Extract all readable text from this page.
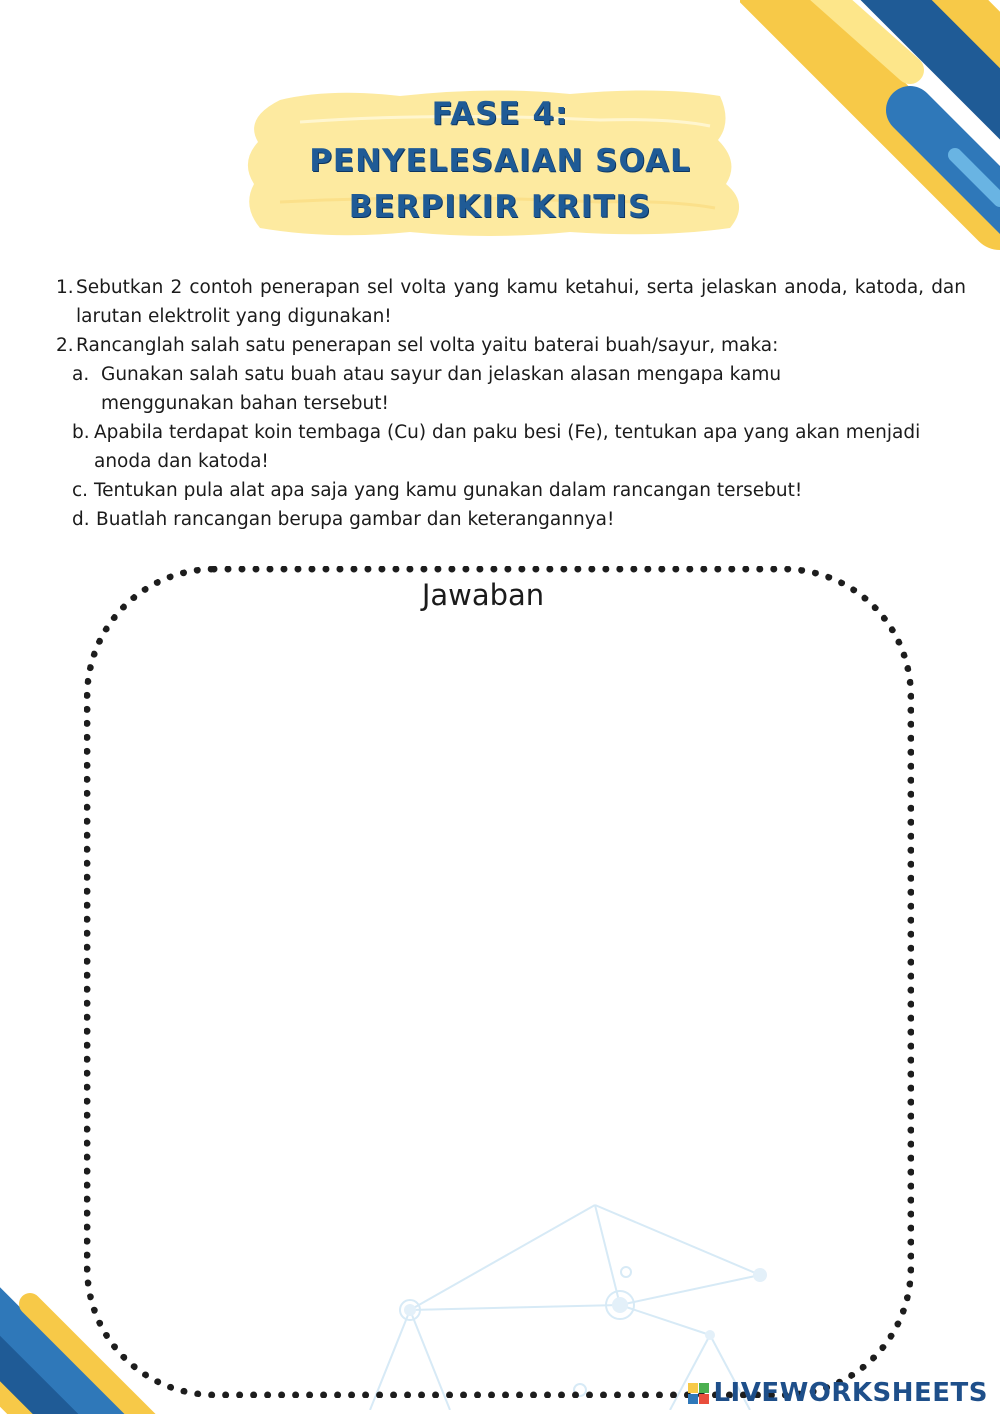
FASE 4:
PENYELESAIAN SOAL
BERPIKIR KRITIS
1. Sebutkan 2 contoh penerapan sel volta yang kamu ketahui, serta jelaskan anoda, katoda, dan larutan elektrolit yang digunakan!
2. Rancanglah salah satu penerapan sel volta yaitu baterai buah/sayur, maka:
a. Gunakan salah satu buah atau sayur dan jelaskan alasan mengapa kamu menggunakan bahan tersebut!
b. Apabila terdapat koin tembaga (Cu) dan paku besi (Fe), tentukan apa yang akan menjadi anoda dan katoda!
c. Tentukan pula alat apa saja yang kamu gunakan dalam rancangan tersebut!
d. Buatlah rancangan berupa gambar dan keterangannya!
Jawaban
LIVEWORKSHEETS
